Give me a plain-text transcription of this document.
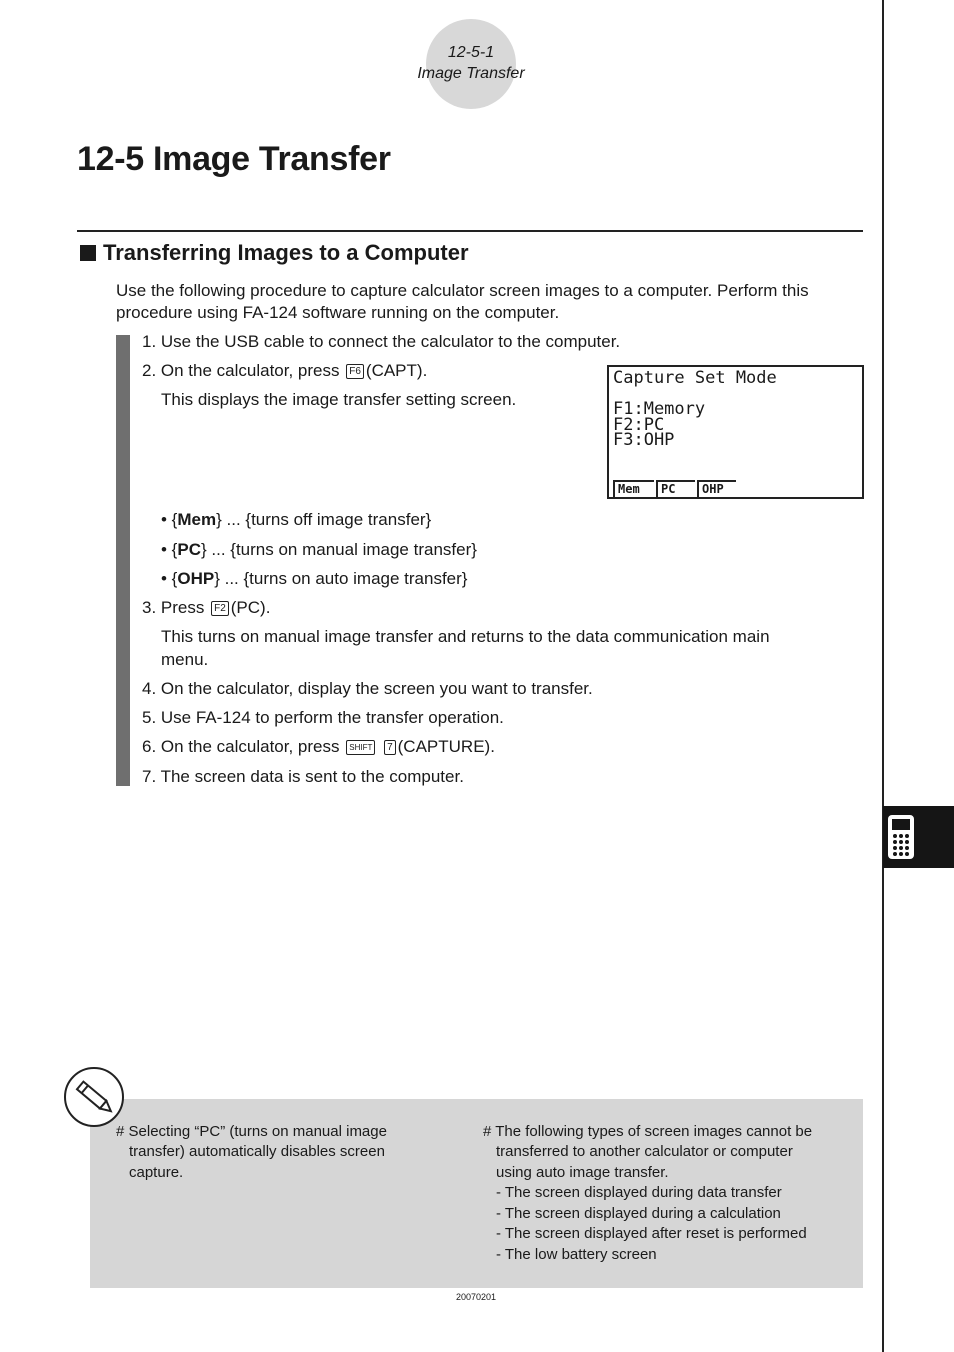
12-5-1
Image Transfer
12-5 Image Transfer
Transferring Images to a Computer
Use the following procedure to capture calculator screen images to a computer. Perform this
procedure using FA-124 software running on the computer.
1. Use the USB cable to connect the calculator to the computer.
2. On the calculator, press F6 (CAPT).
This displays the image transfer setting screen.
Capture Set Mode
F1:Memory
F2:PC
F3:OHP
Mem	PC	OHP
• {Mem} ... {turns off image transfer}
• {PC} ... {turns on manual image transfer}
• {OHP} ... {turns on auto image transfer}
3. Press F2 (PC).
This turns on manual image transfer and returns to the data communication main
menu.
4. On the calculator, display the screen you want to transfer.
5. Use FA-124 to perform the transfer operation.
6. On the calculator, press SHIFT 7 (CAPTURE).
7. The screen data is sent to the computer.
# Selecting “PC” (turns on manual image
transfer) automatically disables screen
capture.
# The following types of screen images cannot be
transferred to another calculator or computer
using auto image transfer.
- The screen displayed during data transfer
- The screen displayed during a calculation
- The screen displayed after reset is performed
- The low battery screen
20070201
